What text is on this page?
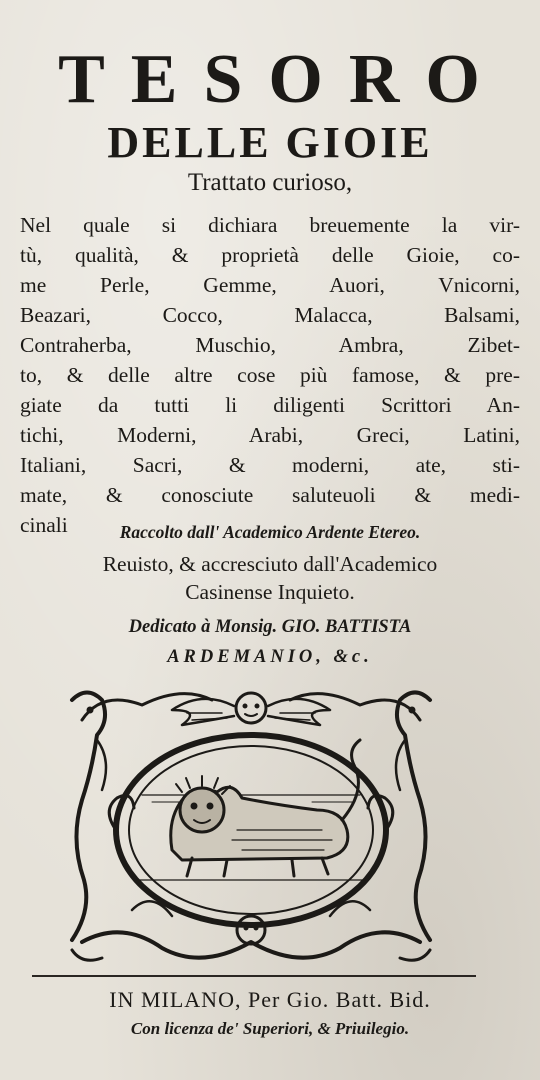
TESORO
DELLE GIOIE
Trattato curioso,
Nel quale si dichiara breuemente la vir-
tù, qualità, & proprietà delle Gioie, co-
me Perle, Gemme, Auori, Vnicorni,
Beazari, Cocco, Malacca, Balsami,
Contraherba, Muschio, Ambra, Zibet-
to, & delle altre cose più famose, & pre-
giate da tutti li diligenti Scrittori An-
tichi, Moderni, Arabi, Greci, Latini,
Italiani, Sacri, & moderni, ate, sti-
mate, & conosciute saluteuoli & medi-
cinali	Raccolto dall' Academico Ardente Etereo.
Reuisto, & accresciuto dall'Academico
Casinense Inquieto.
Dedicato à Monsig. GIO. BATTISTA
ARDEMANIO, &c.
IN MILANO, Per Gio. Batt. Bid.
Con licenza de' Superiori, & Priuilegio.
